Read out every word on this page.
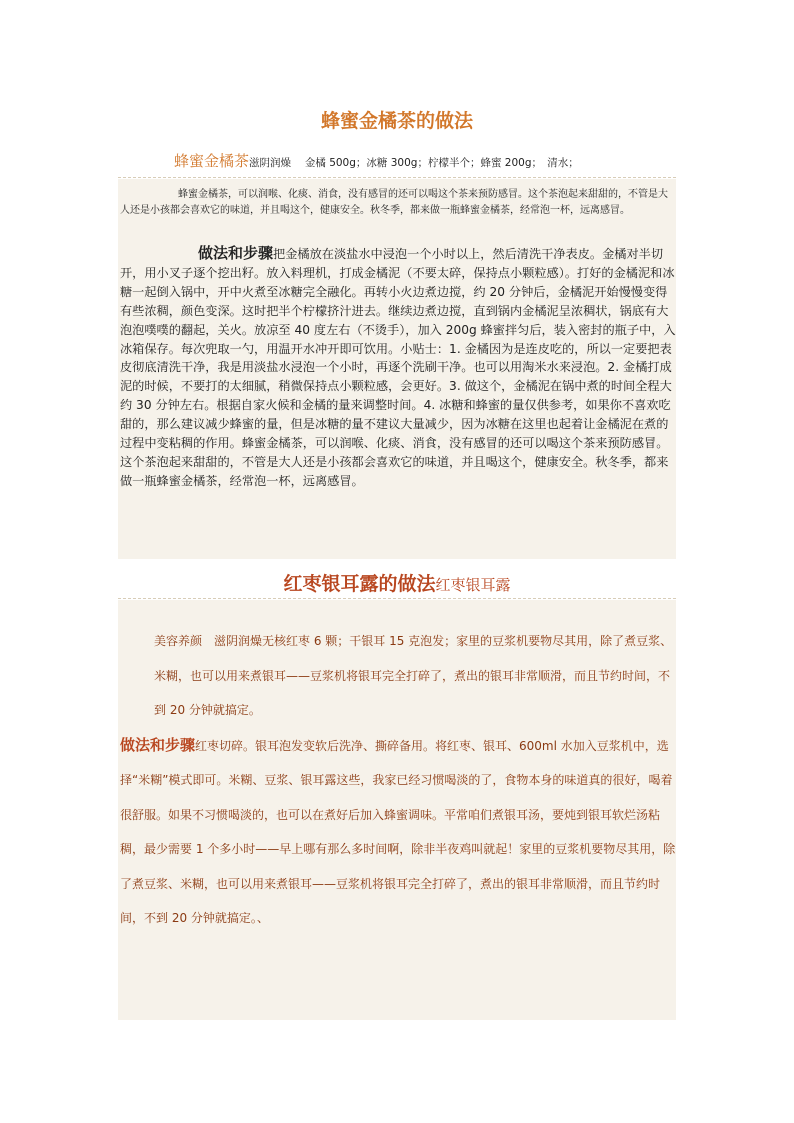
蜂蜜金橘茶的做法
蜂蜜金橘茶滋阴润燥　 金橘 500g；冰糖 300g；柠檬半个；蜂蜜 200g；　清水；

蜂蜜金橘茶，可以润喉、化痰、消食，没有感冒的还可以喝这个茶来预防感冒。这个茶泡起来甜甜的，不管是大人还是小孩都会喜欢它的味道，并且喝这个，健康安全。秋冬季，都来做一瓶蜂蜜金橘茶，经常泡一杯，远离感冒。

做法和步骤把金橘放在淡盐水中浸泡一个小时以上，然后清洗干净表皮。金橘对半切开，用小叉子逐个挖出籽。放入料理机，打成金橘泥（不要太碎，保持点小颗粒感）。打好的金橘泥和冰糖一起倒入锅中，开中火煮至冰糖完全融化。再转小火边煮边搅，约 20 分钟后，金橘泥开始慢慢变得有些浓稠，颜色变深。这时把半个柠檬挤汁进去。继续边煮边搅，直到锅内金橘泥呈浓稠状，锅底有大泡泡噗噗的翻起，关火。放凉至 40 度左右（不烫手），加入 200g 蜂蜜拌匀后，装入密封的瓶子中，入冰箱保存。每次兜取一勺，用温开水冲开即可饮用。小贴士：1. 金橘因为是连皮吃的，所以一定要把表皮彻底清洗干净，我是用淡盐水浸泡一个小时，再逐个洗刷干净。也可以用淘米水来浸泡。2. 金橘打成泥的时候，不要打的太细腻，稍微保持点小颗粒感，会更好。3. 做这个，金橘泥在锅中煮的时间全程大约 30 分钟左右。根据自家火候和金橘的量来调整时间。4. 冰糖和蜂蜜的量仅供参考，如果你不喜欢吃甜的，那么建议减少蜂蜜的量，但是冰糖的量不建议大量减少，因为冰糖在这里也起着让金橘泥在煮的过程中变粘稠的作用。蜂蜜金橘茶，可以润喉、化痰、消食，没有感冒的还可以喝这个茶来预防感冒。这个茶泡起来甜甜的，不管是大人还是小孩都会喜欢它的味道，并且喝这个，健康安全。秋冬季，都来做一瓶蜂蜜金橘茶，经常泡一杯，远离感冒。

红枣银耳露的做法红枣银耳露

美容养颜　滋阴润燥无核红枣 6 颗；干银耳 15 克泡发；家里的豆浆机要物尽其用，除了煮豆浆、米糊，也可以用来煮银耳——豆浆机将银耳完全打碎了，煮出的银耳非常顺滑，而且节约时间，不到 20 分钟就搞定。做法和步骤红枣切碎。银耳泡发变软后洗净、撕碎备用。将红枣、银耳、600ml 水加入豆浆机中，选择“米糊”模式即可。米糊、豆浆、银耳露这些，我家已经习惯喝淡的了，食物本身的味道真的很好，喝着很舒服。如果不习惯喝淡的，也可以在煮好后加入蜂蜜调味。平常咱们煮银耳汤，要炖到银耳软烂汤粘稠，最少需要 1 个多小时——早上哪有那么多时间啊，除非半夜鸡叫就起！家里的豆浆机要物尽其用，除了煮豆浆、米糊，也可以用来煮银耳——豆浆机将银耳完全打碎了，煮出的银耳非常顺滑，而且节约时间，不到 20 分钟就搞定。、
